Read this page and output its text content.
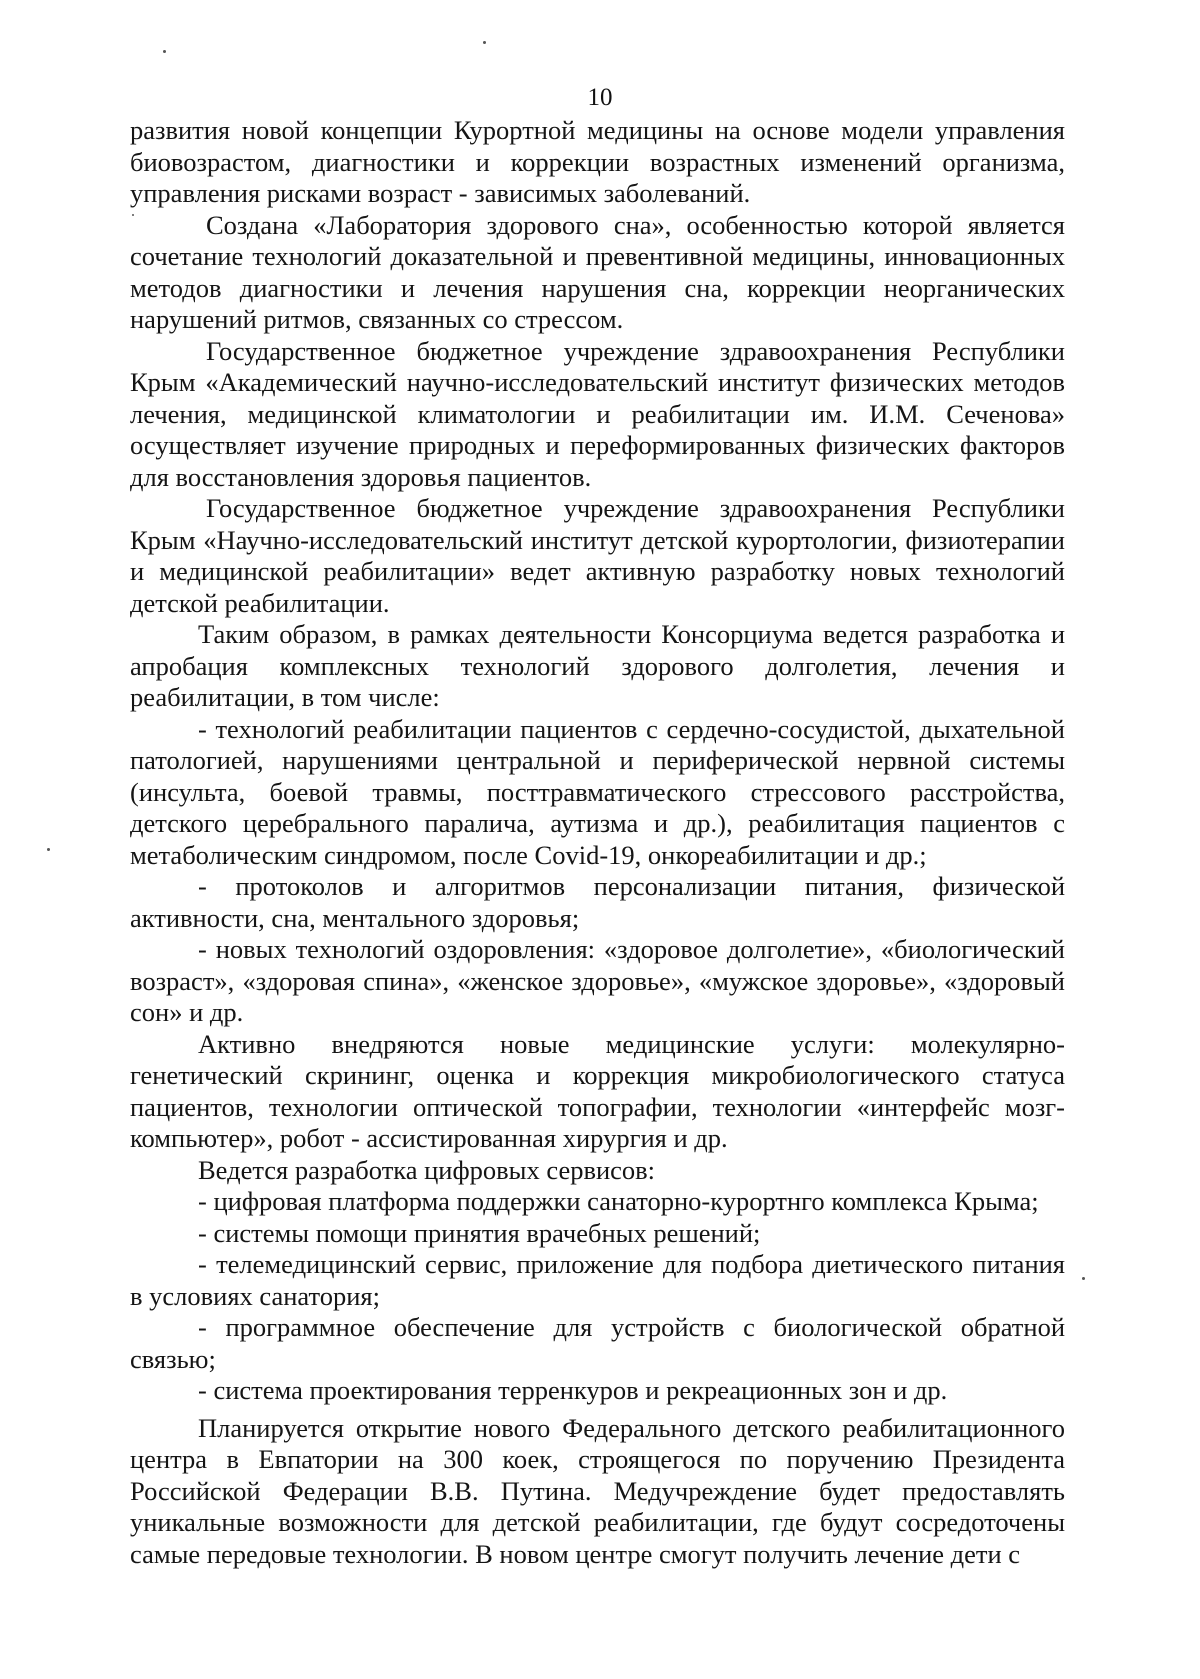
10

развития новой концепции Курортной медицины на основе модели управления биовозрастом, диагностики и коррекции возрастных изменений организма, управления рисками возраст - зависимых заболеваний.

Создана «Лаборатория здорового сна», особенностью которой является сочетание технологий доказательной и превентивной медицины, инновационных методов диагностики и лечения нарушения сна, коррекции неорганических нарушений ритмов, связанных со стрессом.

Государственное бюджетное учреждение здравоохранения Республики Крым «Академический научно-исследовательский институт физических методов лечения, медицинской климатологии и реабилитации им. И.М. Сеченова» осуществляет изучение природных и переформированных физических факторов для восстановления здоровья пациентов.

Государственное бюджетное учреждение здравоохранения Республики Крым «Научно-исследовательский институт детской курортологии, физиотерапии и медицинской реабилитации» ведет активную разработку новых технологий детской реабилитации.

Таким образом, в рамках деятельности Консорциума ведется разработка и апробация комплексных технологий здорового долголетия, лечения и реабилитации, в том числе:

- технологий реабилитации пациентов с сердечно-сосудистой, дыхательной патологией, нарушениями центральной и периферической нервной системы (инсульта, боевой травмы, посттравматического стрессового расстройства, детского церебрального паралича, аутизма и др.), реабилитация пациентов с метаболическим синдромом, после Covid-19, онкореабилитации и др.;

- протоколов и алгоритмов персонализации питания, физической активности, сна, ментального здоровья;

- новых технологий оздоровления: «здоровое долголетие», «биологический возраст», «здоровая спина», «женское здоровье», «мужское здоровье», «здоровый сон» и др.

Активно внедряются новые медицинские услуги: молекулярно-генетический скрининг, оценка и коррекция микробиологического статуса пациентов, технологии оптической топографии, технологии «интерфейс мозг-компьютер», робот - ассистированная хирургия и др.

Ведется разработка цифровых сервисов:

- цифровая платформа поддержки санаторно-курортнго комплекса Крыма;

- системы помощи принятия врачебных решений;

- телемедицинский сервис, приложение для подбора диетического питания в условиях санатория;

- программное обеспечение для устройств с биологической обратной связью;

- система проектирования терренкуров и рекреационных зон и др.

Планируется открытие нового Федерального детского реабилитационного центра в Евпатории на 300 коек, строящегося по поручению Президента Российской Федерации В.В. Путина. Медучреждение будет предоставлять уникальные возможности для детской реабилитации, где будут сосредоточены самые передовые технологии. В новом центре смогут получить лечение дети с
